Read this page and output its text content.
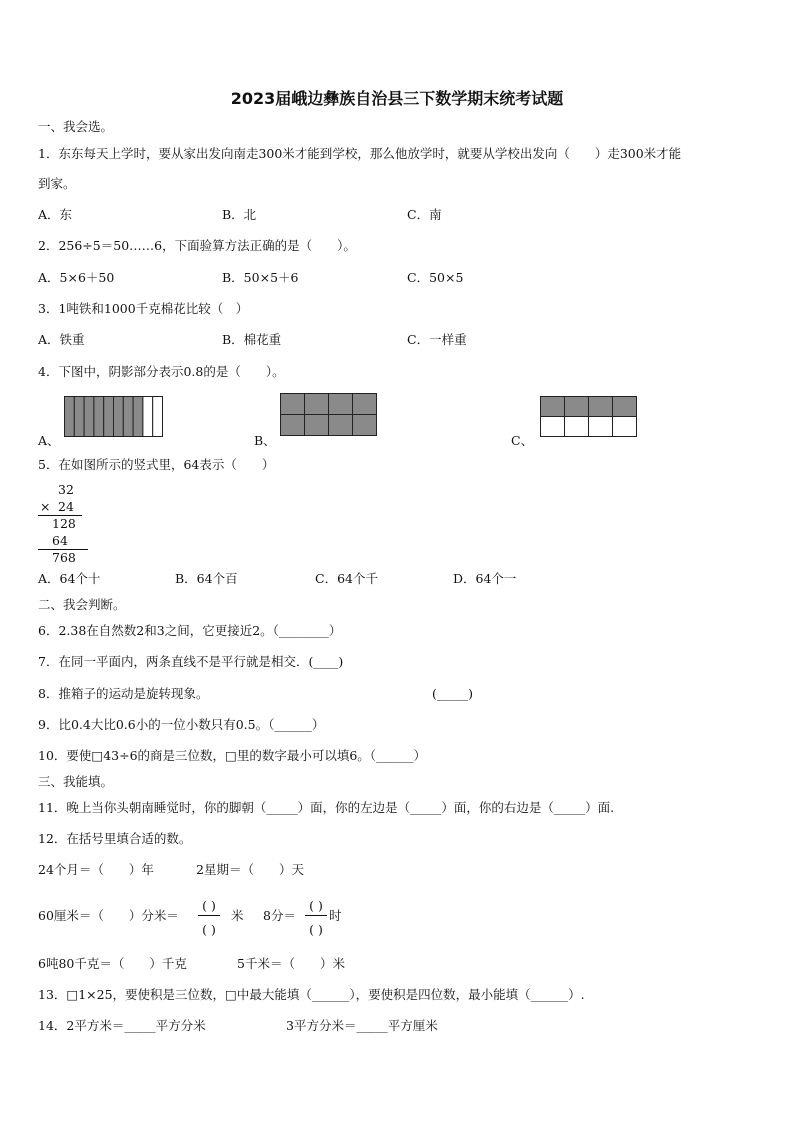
2023届峨边彝族自治县三下数学期末统考试题
一、我会选。
1．东东每天上学时，要从家出发向南走300米才能到学校，那么他放学时，就要从学校出发向（　　）走300米才能
到家。
A．东	B．北	C．南
2．256÷5＝50……6，下面验算方法正确的是（　　）。
A．5×6＋50	B．50×5＋6	C．50×5
3．1吨铁和1000千克棉花比较（　）
A．铁重	B．棉花重	C．一样重
4．下图中，阴影部分表示0.8的是（　　）。
A、	B、	C、
5．在如图所示的竖式里，64表示（　　）
32
× 24
128
64
768
A．64个十	B．64个百	C．64个千	D．64个一
二、我会判断。
6．2.38在自然数2和3之间，它更接近2。（________）
7．在同一平面内，两条直线不是平行就是相交．(____)
8．推箱子的运动是旋转现象。	(_____)
9．比0.4大比0.6小的一位小数只有0.5。（______）
10．要使□43÷6的商是三位数，□里的数字最小可以填6。（______）
三、我能填。
11．晚上当你头朝南睡觉时，你的脚朝（_____）面，你的左边是（_____）面，你的右边是（_____）面.
12．在括号里填合适的数。
24个月＝（　　）年	2星期＝（　　）天
60厘米＝（　　）分米＝
( )
( )
米 8分＝
( )
( )
时
6吨80千克＝（　　）千克	5千米＝（　　）米
13．□1×25，要使积是三位数，□中最大能填（______），要使积是四位数，最小能填（______）.
14．2平方米＝_____平方分米	3平方分米＝_____平方厘米
